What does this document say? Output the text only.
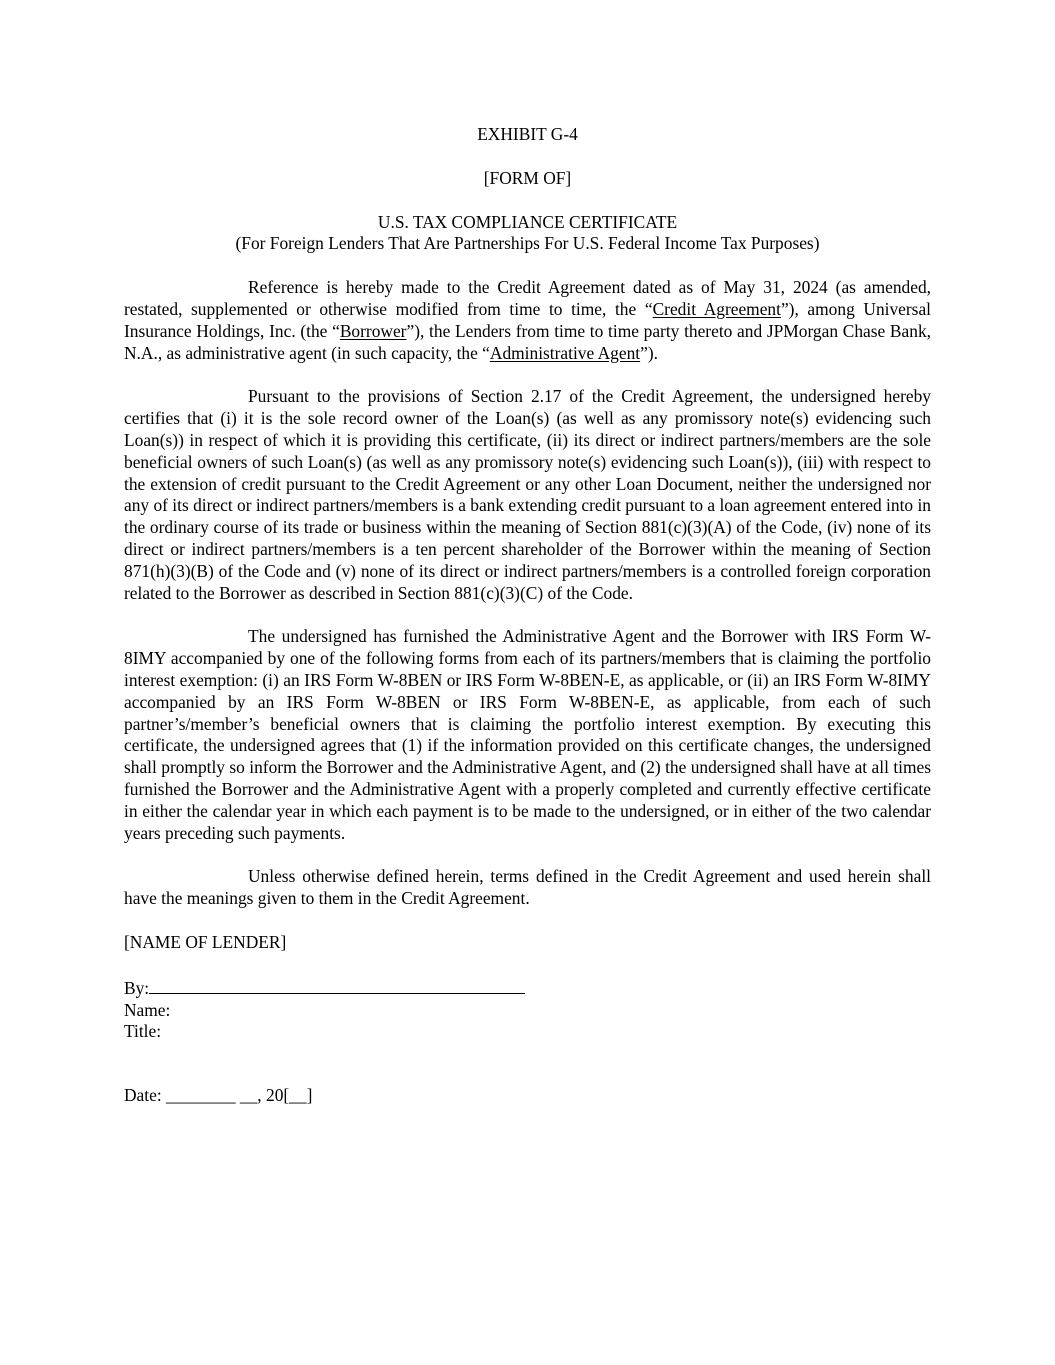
EXHIBIT G-4
[FORM OF]
U.S. TAX COMPLIANCE CERTIFICATE
(For Foreign Lenders That Are Partnerships For U.S. Federal Income Tax Purposes)

Reference is hereby made to the Credit Agreement dated as of May 31, 2024 (as amended, restated, supplemented or otherwise modified from time to time, the “Credit Agreement”), among Universal Insurance Holdings, Inc. (the “Borrower”), the Lenders from time to time party thereto and JPMorgan Chase Bank, N.A., as administrative agent (in such capacity, the “Administrative Agent”).

Pursuant to the provisions of Section 2.17 of the Credit Agreement, the undersigned hereby certifies that (i) it is the sole record owner of the Loan(s) (as well as any promissory note(s) evidencing such Loan(s)) in respect of which it is providing this certificate, (ii) its direct or indirect partners/members are the sole beneficial owners of such Loan(s) (as well as any promissory note(s) evidencing such Loan(s)), (iii) with respect to the extension of credit pursuant to the Credit Agreement or any other Loan Document, neither the undersigned nor any of its direct or indirect partners/members is a bank extending credit pursuant to a loan agreement entered into in the ordinary course of its trade or business within the meaning of Section 881(c)(3)(A) of the Code, (iv) none of its direct or indirect partners/members is a ten percent shareholder of the Borrower within the meaning of Section 871(h)(3)(B) of the Code and (v) none of its direct or indirect partners/members is a controlled foreign corporation related to the Borrower as described in Section 881(c)(3)(C) of the Code.

The undersigned has furnished the Administrative Agent and the Borrower with IRS Form W-8IMY accompanied by one of the following forms from each of its partners/members that is claiming the portfolio interest exemption: (i) an IRS Form W-8BEN or IRS Form W-8BEN-E, as applicable, or (ii) an IRS Form W-8IMY accompanied by an IRS Form W-8BEN or IRS Form W-8BEN-E, as applicable, from each of such partner’s/member’s beneficial owners that is claiming the portfolio interest exemption. By executing this certificate, the undersigned agrees that (1) if the information provided on this certificate changes, the undersigned shall promptly so inform the Borrower and the Administrative Agent, and (2) the undersigned shall have at all times furnished the Borrower and the Administrative Agent with a properly completed and currently effective certificate in either the calendar year in which each payment is to be made to the undersigned, or in either of the two calendar years preceding such payments.

Unless otherwise defined herein, terms defined in the Credit Agreement and used herein shall have the meanings given to them in the Credit Agreement.

[NAME OF LENDER]
By:
Name:
Title:
Date: ________ __, 20[__]
